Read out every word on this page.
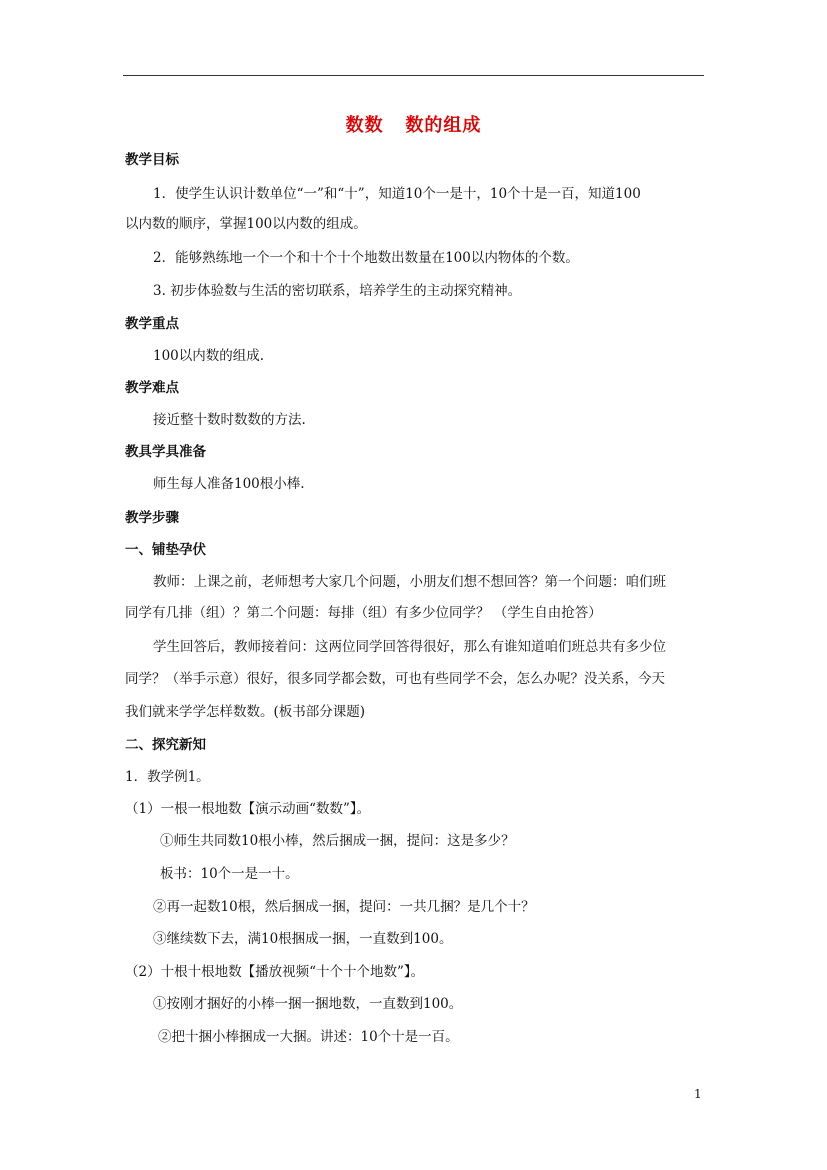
数数   数的组成
教学目标
1．使学生认识计数单位“一”和“十”，知道10个一是十，10个十是一百，知道100
以内数的顺序，掌握100以内数的组成。
2．能够熟练地一个一个和十个十个地数出数量在100以内物体的个数。
3. 初步体验数与生活的密切联系，培养学生的主动探究精神。
教学重点
100以内数的组成.
教学难点
接近整十数时数数的方法.
教具学具准备
师生每人准备100根小棒.
教学步骤
一、铺垫孕伏
教师：上课之前，老师想考大家几个问题，小朋友们想不想回答？第一个问题：咱们班
同学有几排（组）？第二个问题：每排（组）有多少位同学？ （学生自由抢答）
学生回答后，教师接着问：这两位同学回答得很好，那么有谁知道咱们班总共有多少位
同学？（举手示意）很好，很多同学都会数，可也有些同学不会，怎么办呢？没关系，今天
我们就来学学怎样数数。(板书部分课题)
二、探究新知
1．教学例1。
（1）一根一根地数【演示动画“数数”】。
①师生共同数10根小棒，然后捆成一捆，提问：这是多少？
板书：10个一是一十。
②再一起数10根，然后捆成一捆，提问：一共几捆？是几个十？
③继续数下去，满10根捆成一捆，一直数到100。
（2）十根十根地数【播放视频“十个十个地数”】。
①按刚才捆好的小棒一捆一捆地数，一直数到100。
②把十捆小棒捆成一大捆。讲述：10个十是一百。
1
